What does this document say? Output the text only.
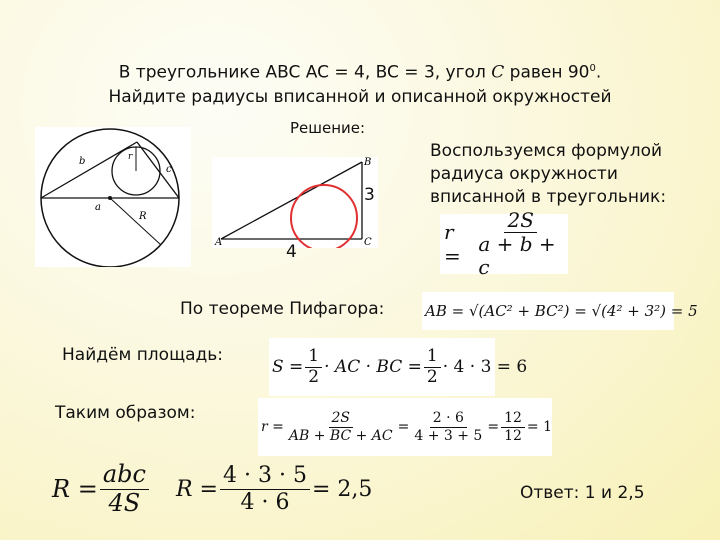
В треугольнике ABC AC = 4, BC = 3, угол C равен $90^0$.
Найдите радиусы вписанной и описанной окружностей
Решение:
b	r
c
a
R
A
B
C
3
4
Воспользуемся формулой радиуса окружности вписанной в треугольник:
$r = \frac{2S}{a + b + c}$
По теореме Пифагора:	AB = √(AC² + BC²) = √(4² + 3²) = 5
Найдём площадь:
$S = \frac{1}{2}$ · AC · BC = $\frac{1}{2} \cdot 4 \cdot 3 = 6$
Таким образом:
$r = \frac{2S}{AB + BC + AC} = \frac{2 \cdot 6}{4 + 3 + 5} = \frac{12}{12} = 1$
$R = \frac{\text{abc}}{4S}$ $R = \frac{4 \cdot 3 \cdot 5}{4 \cdot 6} = 2,5$	Ответ: 1 и 2,5
